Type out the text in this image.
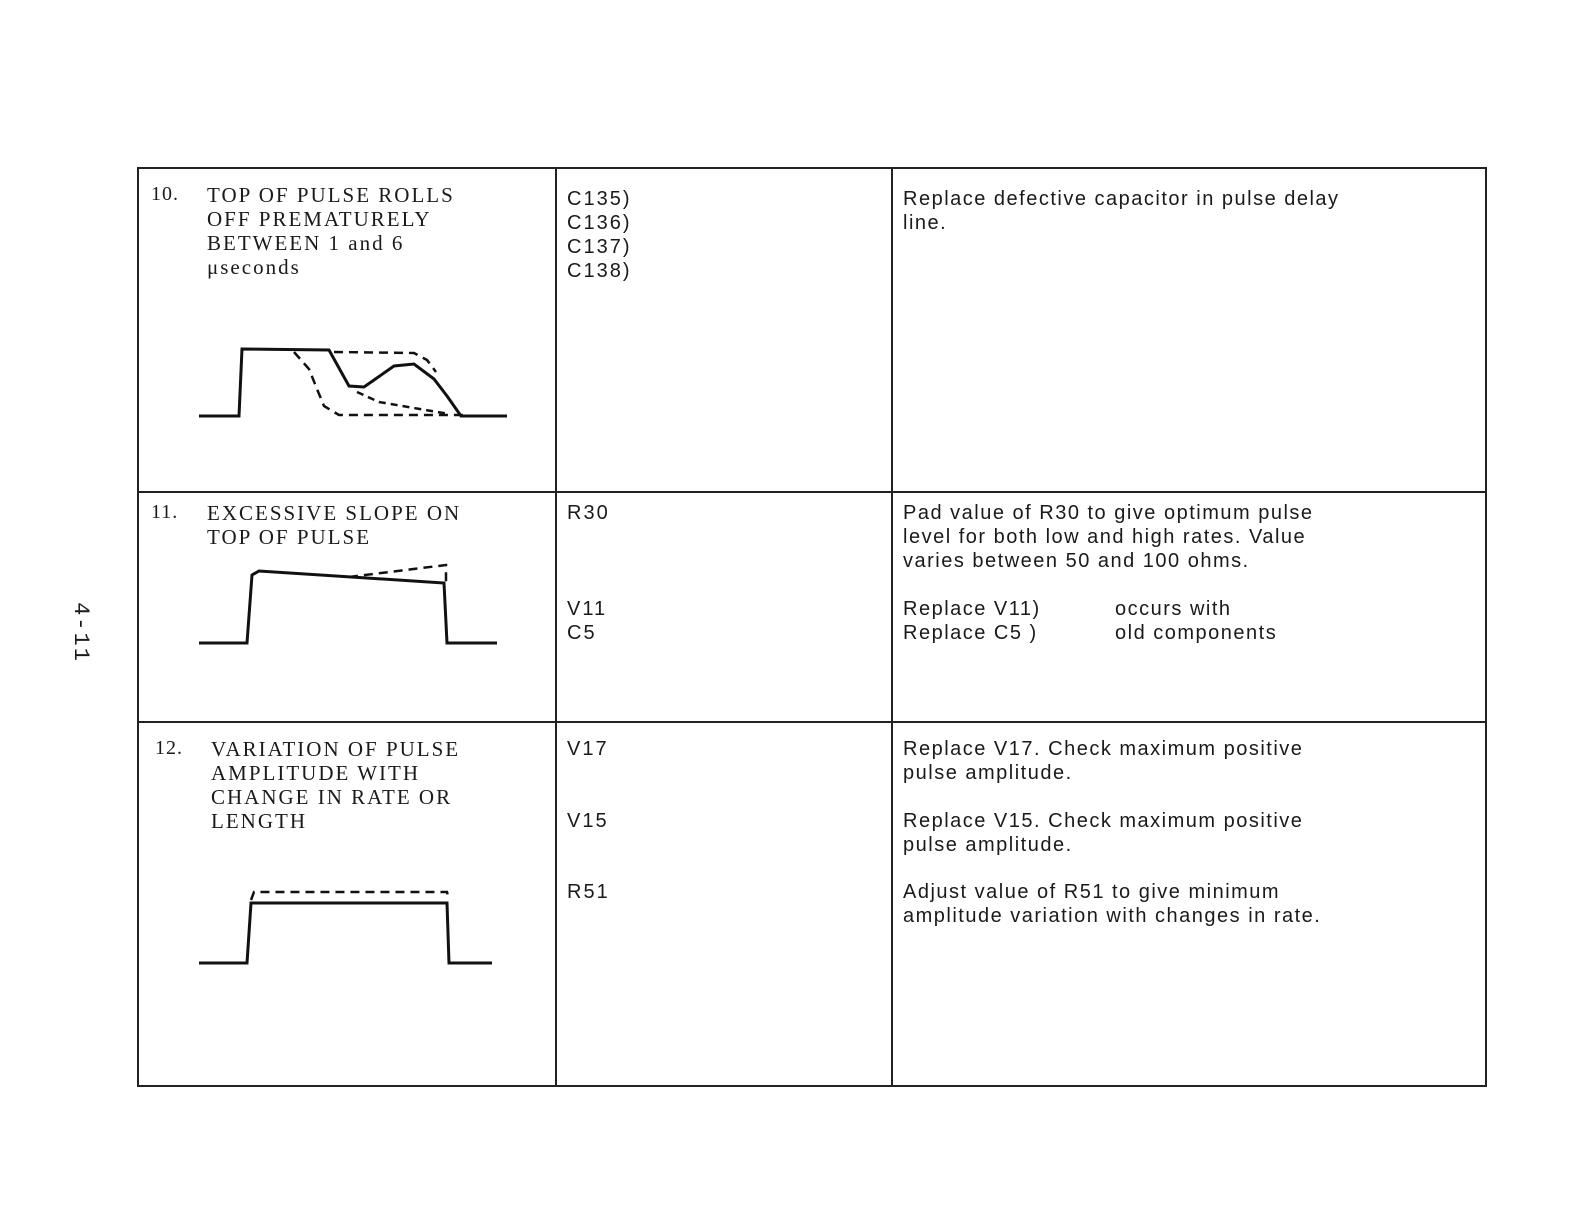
4-11
10. TOP OF PULSE ROLLS
OFF PREMATURELY
BETWEEN 1 and 6
μseconds
C135)
C136)
C137)
C138)
Replace defective capacitor in pulse delay
line.
11. EXCESSIVE SLOPE ON
TOP OF PULSE
R30
V11
C5
Pad value of R30 to give optimum pulse
level for both low and high rates. Value
varies between 50 and 100 ohms.
Replace V11)	occurs with
Replace C5 )	old components
12. VARIATION OF PULSE
AMPLITUDE WITH
CHANGE IN RATE OR
LENGTH
V17
V15
R51
Replace V17. Check maximum positive
pulse amplitude.
Replace V15. Check maximum positive
pulse amplitude.
Adjust value of R51 to give minimum
amplitude variation with changes in rate.
